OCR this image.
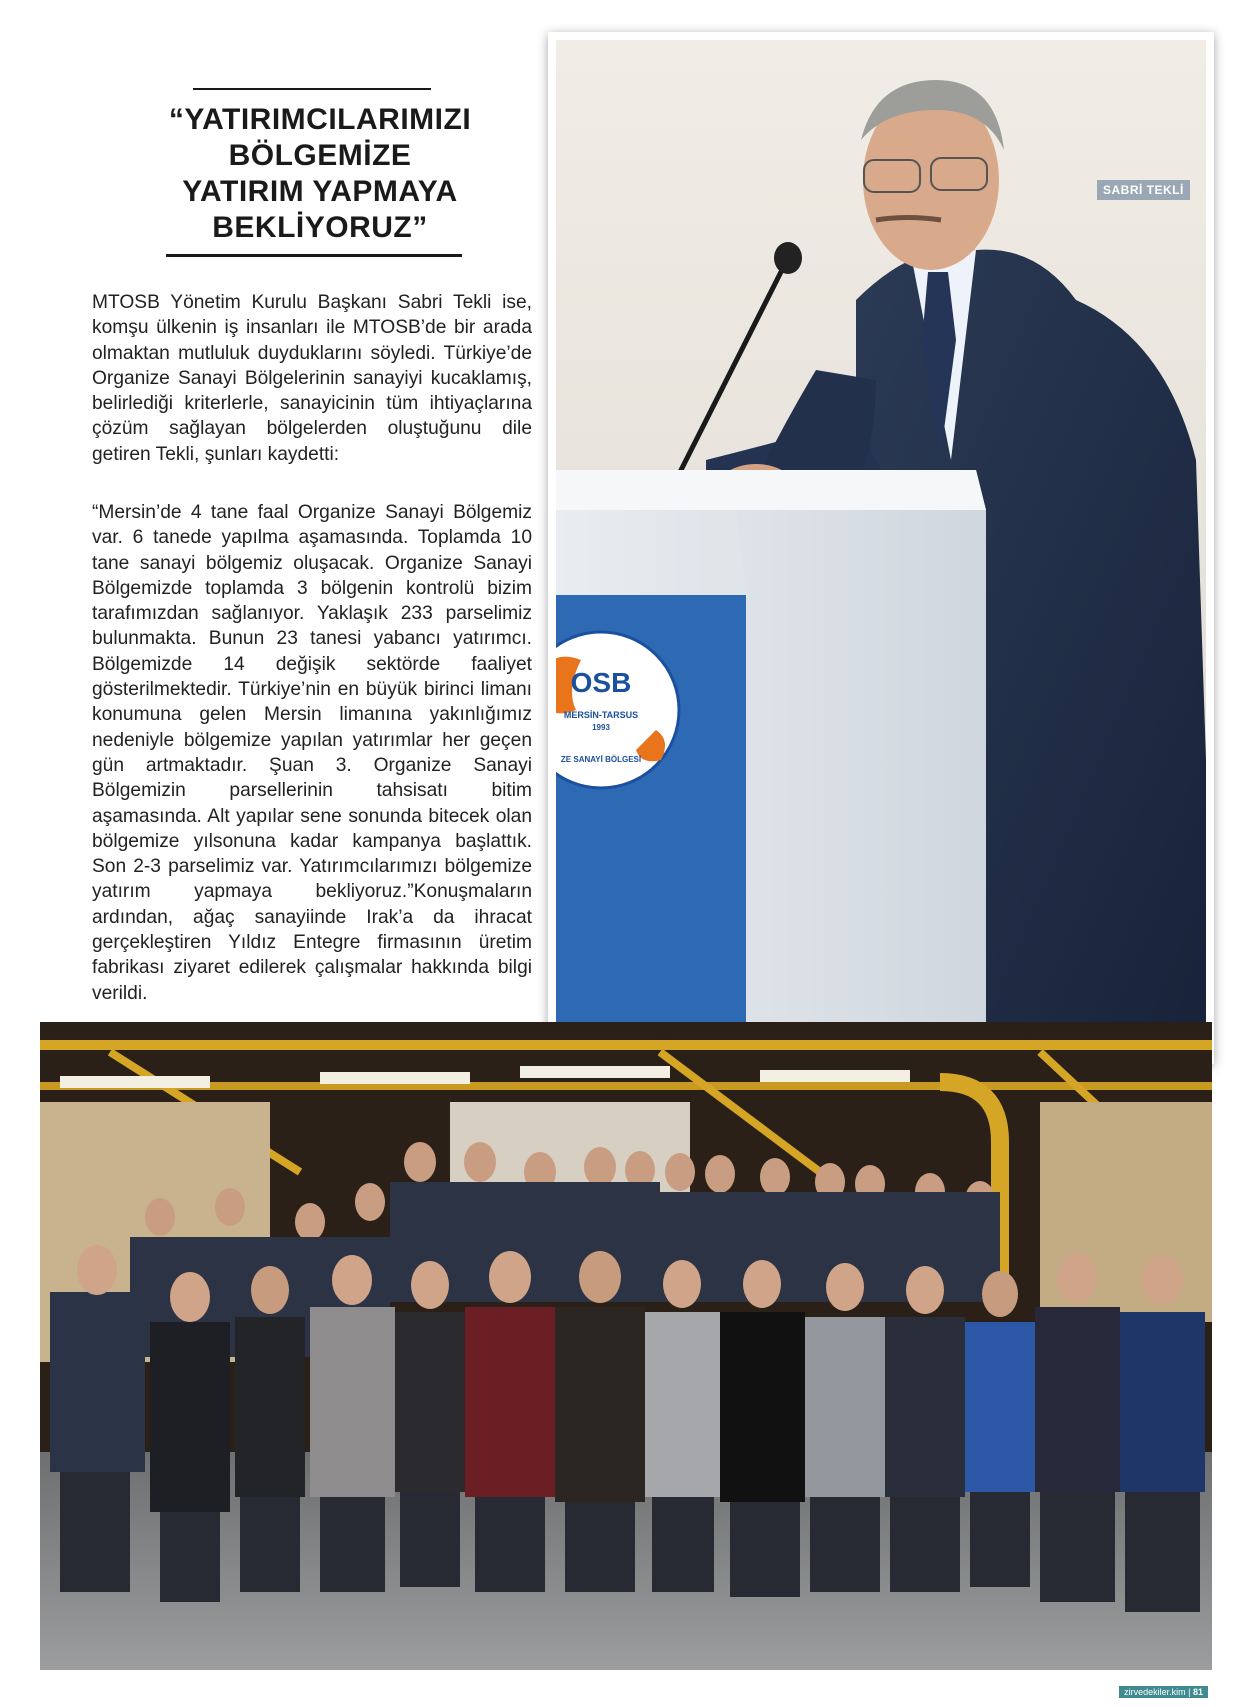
“YATIRIMCILARIMIZI
BÖLGEMİZE
YATIRIM YAPMAYA
BEKLİYORUZ”

MTOSB Yönetim Kurulu Başkanı Sabri Tekli ise, komşu ülkenin iş insanları ile MTOSB’de bir arada olmaktan mutluluk duyduklarını söyledi. Türkiye’de Organize Sanayi Bölgelerinin sanayiyi kucaklamış, belirlediği kriterlerle, sanayicinin tüm ihtiyaçlarına çözüm sağlayan bölgelerden oluştuğunu dile getiren Tekli, şunları kaydetti:

“Mersin’de 4 tane faal Organize Sanayi Bölgemiz var. 6 tanede yapılma aşamasında. Toplamda 10 tane sanayi bölgemiz oluşacak. Organize Sanayi Bölgemizde toplamda 3 bölgenin kontrolü bizim tarafımızdan sağlanıyor. Yaklaşık 233 parselimiz bulunmakta. Bunun 23 tanesi yabancı yatırımcı. Bölgemizde 14 değişik sektörde faaliyet gösterilmektedir. Türkiye’nin en büyük birinci limanı konumuna gelen Mersin limanına yakınlığımız nedeniyle bölgemize yapılan yatırımlar her geçen gün artmaktadır. Şuan 3. Organize Sanayi Bölgemizin parsellerinin tahsisatı bitim aşamasında. Alt yapılar sene sonunda bitecek olan bölgemize yılsonuna kadar kampanya başlattık. Son 2-3 parselimiz var. Yatırımcılarımızı bölgemize yatırım yapmaya bekliyoruz.”Konuşmaların ardından, ağaç sanayiinde Irak’a da ihracat gerçekleştiren Yıldız Entegre firmasının üretim fabrikası ziyaret edilerek çalışmalar hakkında bilgi verildi.

OSB
MERSİN-TARSUS
1993
ZE SANAYİ BÖLGESİ
SABRİ TEKLİ
zirvedekiler.kim | 81
